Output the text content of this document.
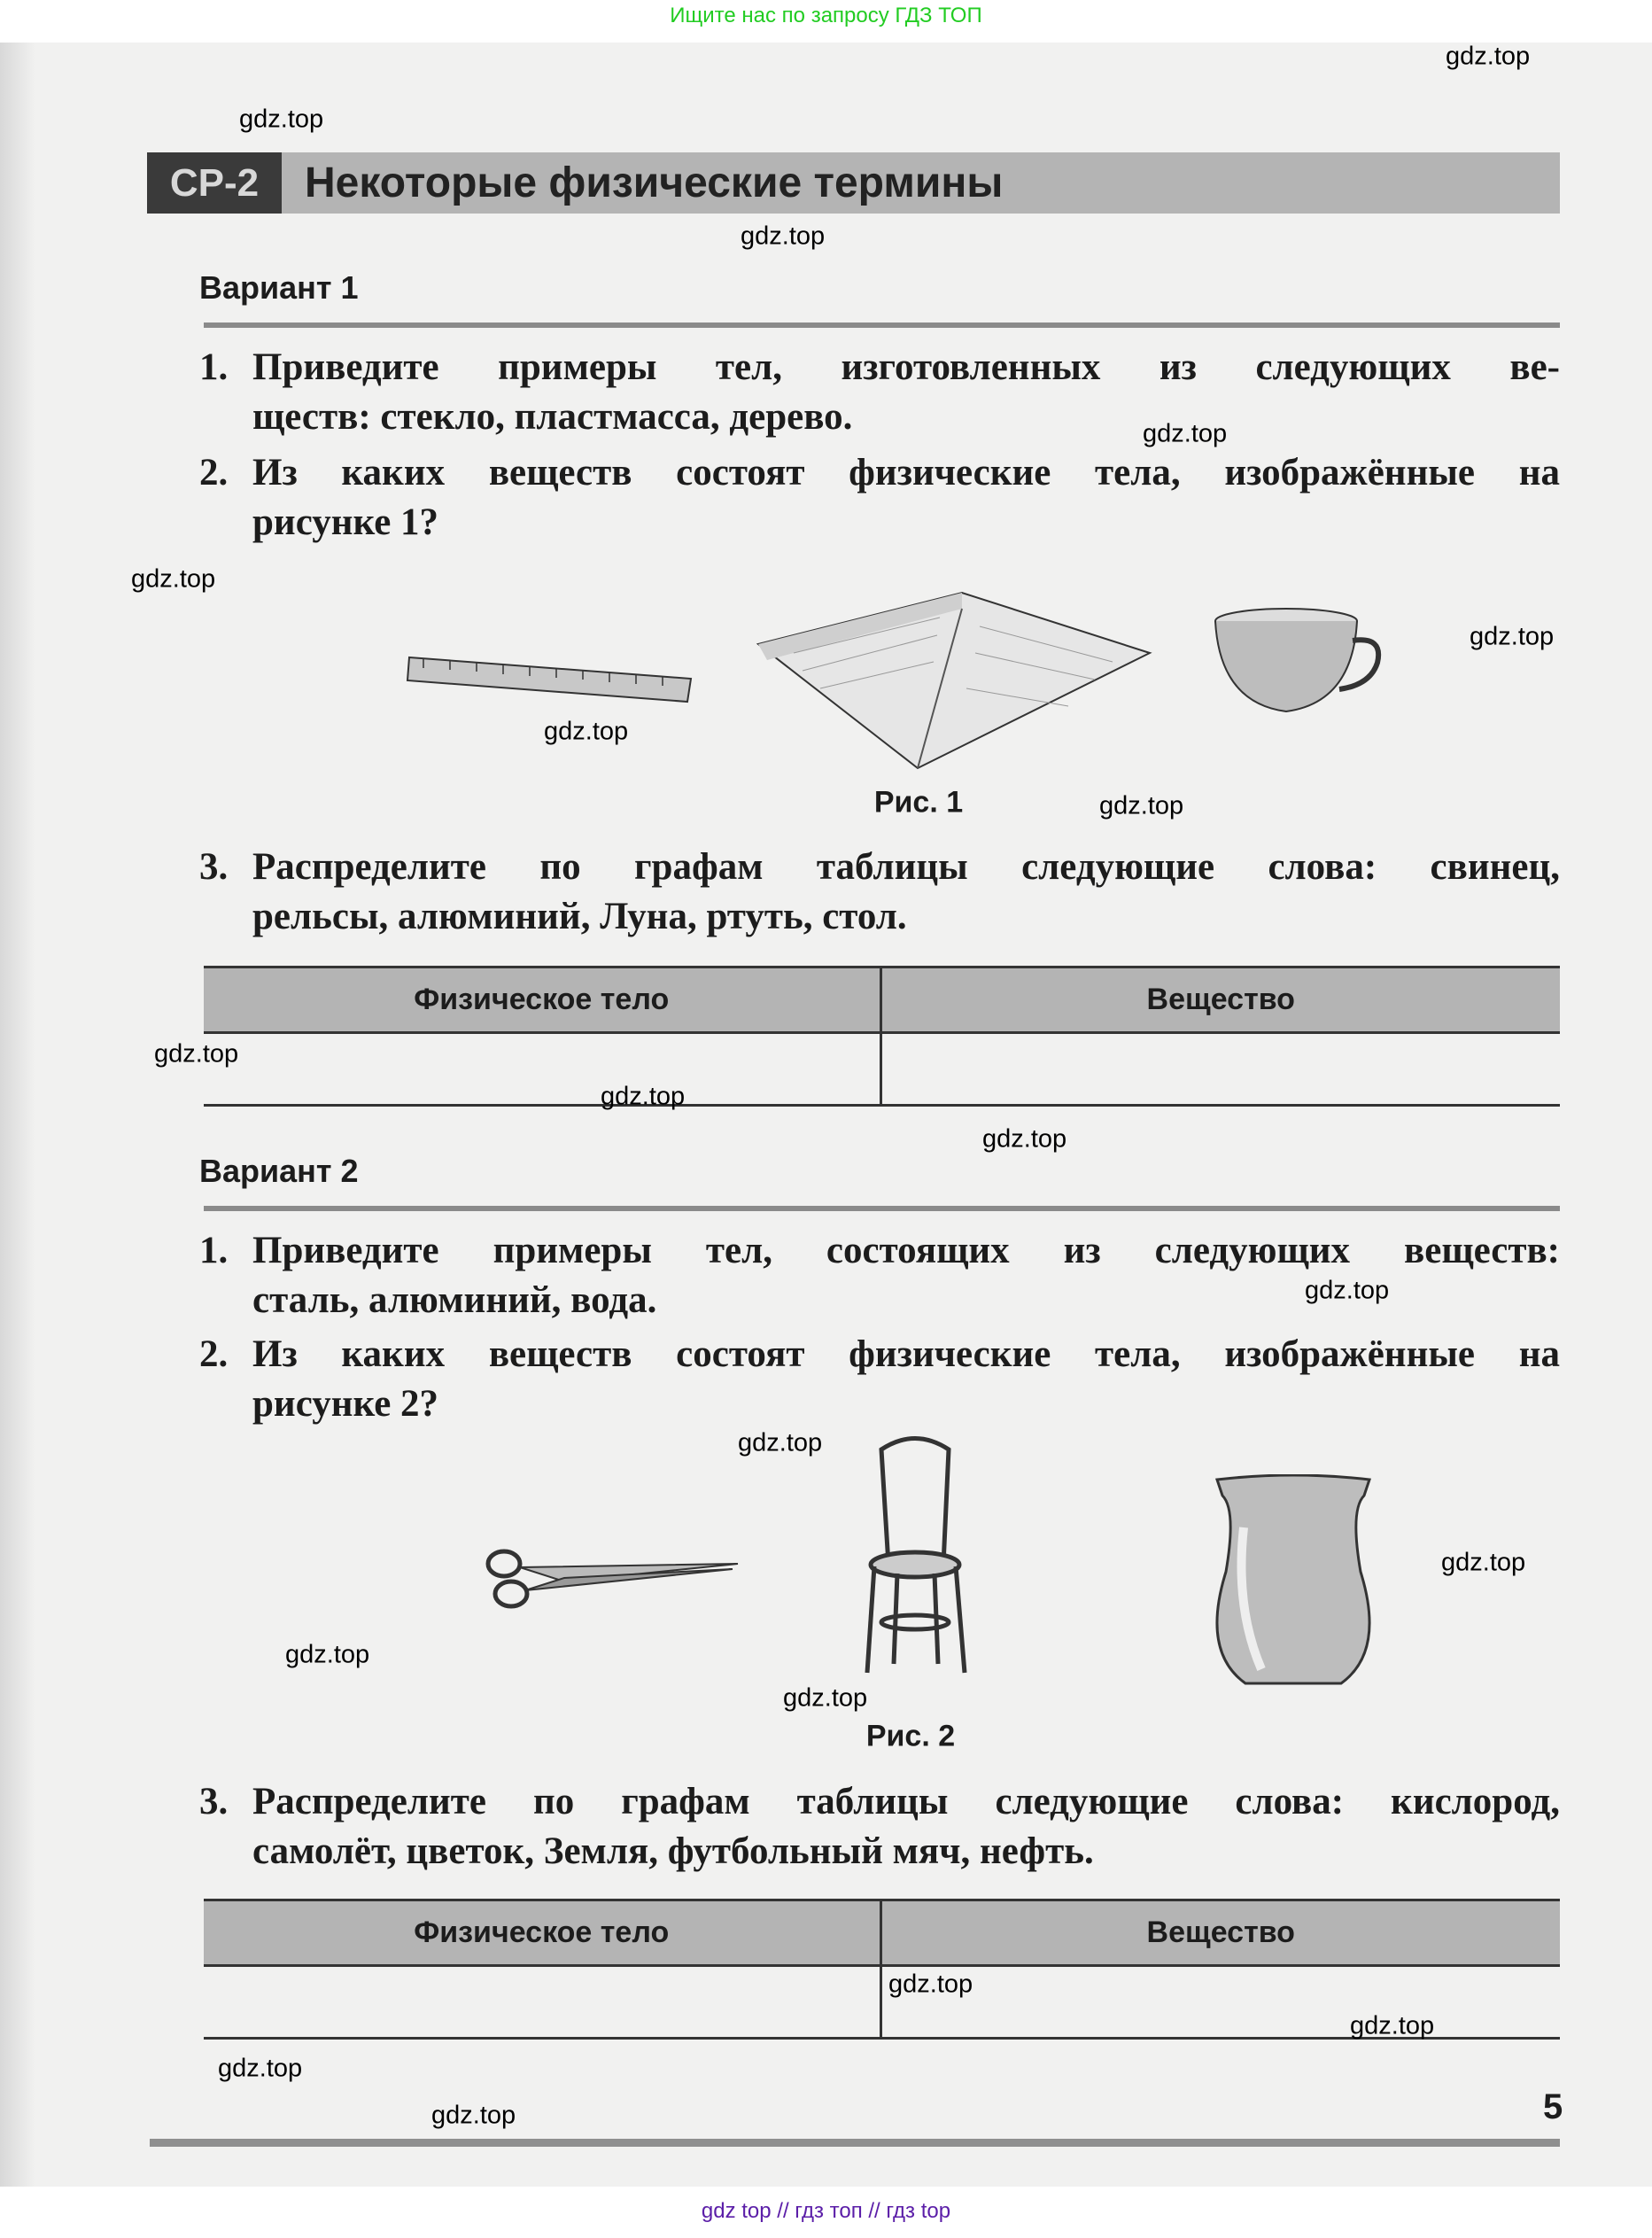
Ищите нас по запросу ГДЗ ТОП
СР-2	Некоторые физические термины
Вариант 1
1. Приведите примеры тел, изготовленных из следующих ве-
ществ: стекло, пластмасса, дерево.
2. Из каких веществ состоят физические тела, изображённые на
рисунке 1?
Рис. 1
3. Распределите по графам таблицы следующие слова: свинец,
рельсы, алюминий, Луна, ртуть, стол.
Физическое тело	Вещество

Вариант 2
1. Приведите примеры тел, состоящих из следующих веществ:
сталь, алюминий, вода.
2. Из каких веществ состоят физические тела, изображённые на
рисунке 2?
Рис. 2
3. Распределите по графам таблицы следующие слова: кислород,
самолёт, цветок, Земля, футбольный мяч, нефть.
Физическое тело	Вещество

5
gdz.top
gdz.top
gdz.top
gdz.top
gdz.top
gdz.top
gdz.top
gdz.top
gdz.top
gdz.top
gdz.top
gdz.top
gdz.top
gdz.top
gdz.top
gdz.top
gdz.top
gdz.top
gdz.top
gdz.top
gdz top // гдз топ // гдз top
